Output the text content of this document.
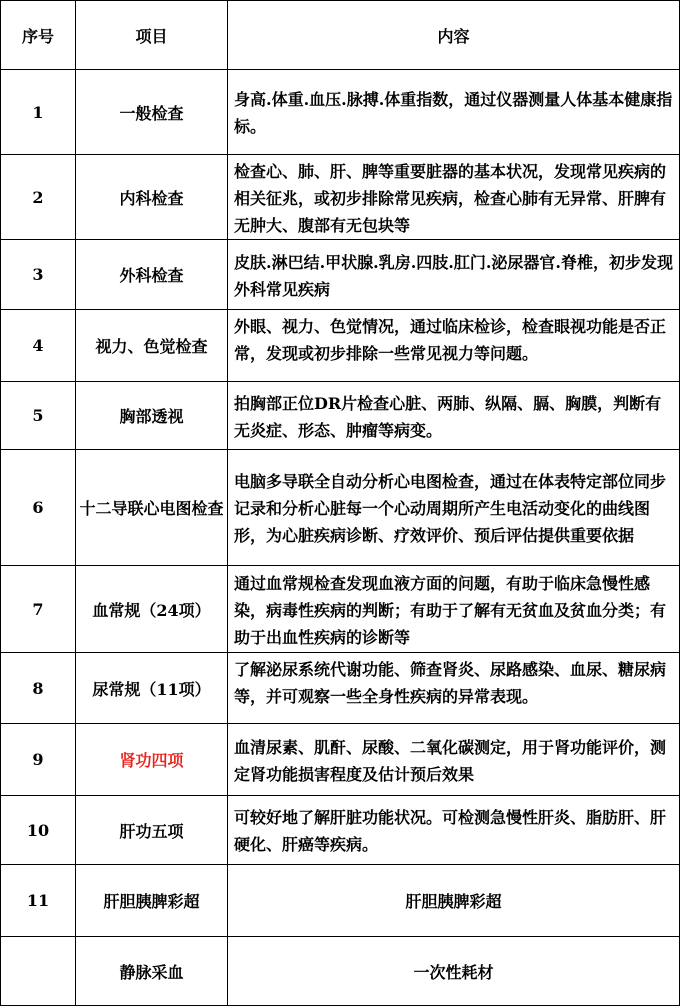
序号	项目	内容
1	一般检查	身高.体重.血压.脉搏.体重指数，通过仪器测量人体基本健康指标。
2	内科检查	检查心、肺、肝、脾等重要脏器的基本状况，发现常见疾病的相关征兆，或初步排除常见疾病，检查心肺有无异常、肝脾有无肿大、腹部有无包块等
3	外科检查	皮肤.淋巴结.甲状腺.乳房.四肢.肛门.泌尿器官.脊椎，初步发现外科常见疾病
4	视力、色觉检查	外眼、视力、色觉情况，通过临床检诊，检查眼视功能是否正常，发现或初步排除一些常见视力等问题。

5	胸部透视	拍胸部正位DR片检查心脏、两肺、纵隔、膈、胸膜，判断有无炎症、形态、肿瘤等病变。
6	十二导联心电图检查	电脑多导联全自动分析心电图检查，通过在体表特定部位同步记录和分析心脏每一个心动周期所产生电活动变化的曲线图形，为心脏疾病诊断、疗效评价、预后评估提供重要依据
7	血常规（24项）	通过血常规检查发现血液方面的问题，有助于临床急慢性感染，病毒性疾病的判断；有助于了解有无贫血及贫血分类；有助于出血性疾病的诊断等
8	尿常规（11项）	了解泌尿系统代谢功能、筛查肾炎、尿路感染、血尿、糖尿病等，并可观察一些全身性疾病的异常表现。

9	肾功四项	血清尿素、肌酐、尿酸、二氧化碳测定，用于肾功能评价，测定肾功能损害程度及估计预后效果
10	肝功五项	可较好地了解肝脏功能状况。可检测急慢性肝炎、脂肪肝、肝硬化、肝癌等疾病。
11	肝胆胰脾彩超	肝胆胰脾彩超
	静脉采血	一次性耗材
